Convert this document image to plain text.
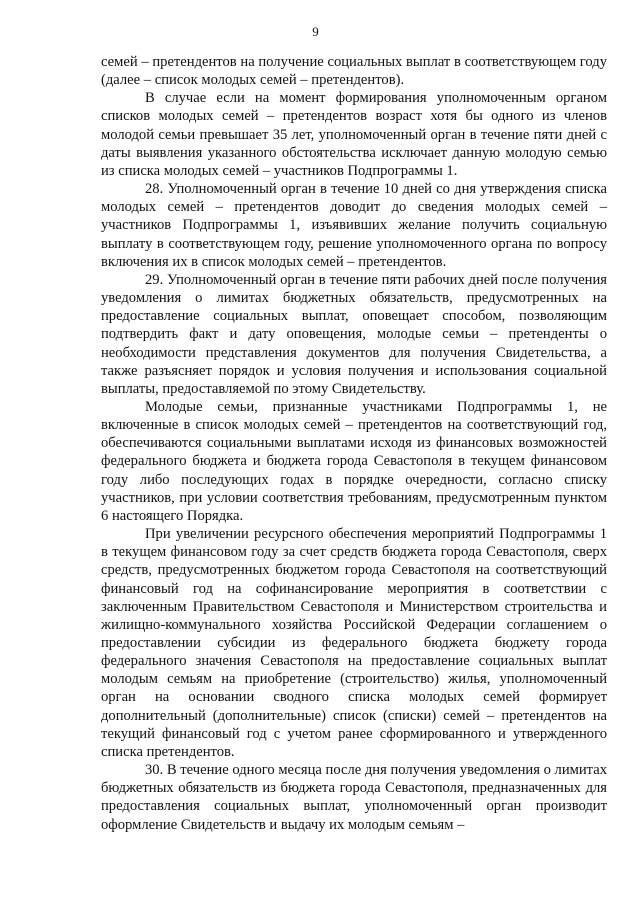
9

семей – претендентов на получение социальных выплат в соответствующем году (далее – список молодых семей – претендентов).

В случае если на момент формирования уполномоченным органом списков молодых семей – претендентов возраст хотя бы одного из членов молодой семьи превышает 35 лет, уполномоченный орган в течение пяти дней с даты выявления указанного обстоятельства исключает данную молодую семью из списка молодых семей – участников Подпрограммы 1.

28. Уполномоченный орган в течение 10 дней со дня утверждения списка молодых семей – претендентов доводит до сведения молодых семей – участников Подпрограммы 1, изъявивших желание получить социальную выплату в соответствующем году, решение уполномоченного органа по вопросу включения их в список молодых семей – претендентов.

29. Уполномоченный орган в течение пяти рабочих дней после получения уведомления о лимитах бюджетных обязательств, предусмотренных на предоставление социальных выплат, оповещает способом, позволяющим подтвердить факт и дату оповещения, молодые семьи – претенденты о необходимости представления документов для получения Свидетельства, а также разъясняет порядок и условия получения и использования социальной выплаты, предоставляемой по этому Свидетельству.

Молодые семьи, признанные участниками Подпрограммы 1, не включенные в список молодых семей – претендентов на соответствующий год, обеспечиваются социальными выплатами исходя из финансовых возможностей федерального бюджета и бюджета города Севастополя в текущем финансовом году либо последующих годах в порядке очередности, согласно списку участников, при условии соответствия требованиям, предусмотренным пунктом 6 настоящего Порядка.

При увеличении ресурсного обеспечения мероприятий Подпрограммы 1 в текущем финансовом году за счет средств бюджета города Севастополя, сверх средств, предусмотренных бюджетом города Севастополя на соответствующий финансовый год на софинансирование мероприятия в соответствии с заключенным Правительством Севастополя и Министерством строительства и жилищно-коммунального хозяйства Российской Федерации соглашением о предоставлении субсидии из федерального бюджета бюджету города федерального значения Севастополя на предоставление социальных выплат молодым семьям на приобретение (строительство) жилья, уполномоченный орган на основании сводного списка молодых семей формирует дополнительный (дополнительные) список (списки) семей – претендентов на текущий финансовый год с учетом ранее сформированного и утвержденного списка претендентов.

30. В течение одного месяца после дня получения уведомления о лимитах бюджетных обязательств из бюджета города Севастополя, предназначенных для предоставления социальных выплат, уполномоченный орган производит оформление Свидетельств и выдачу их молодым семьям –
